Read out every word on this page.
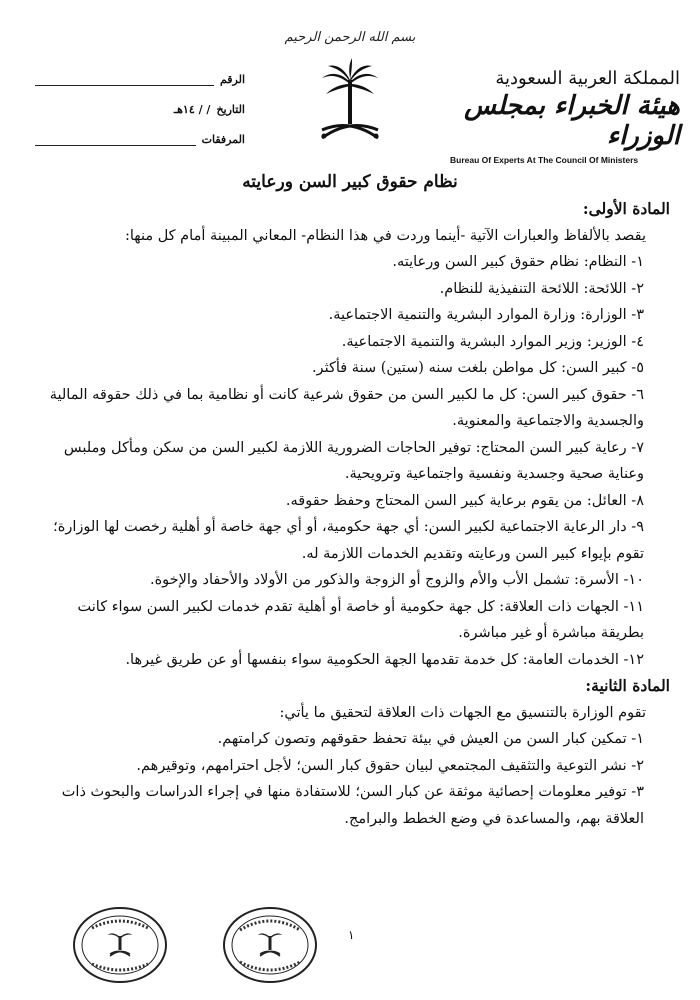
بسم الله الرحمن الرحيم
المملكة العربية السعودية
هيئة الخبراء بمجلس الوزراء
Bureau Of Experts At The Council Of Ministers
الرقم
التاريخ
/ / ١٤هـ
المرفقات
نظام حقوق كبير السن ورعايته
المادة الأولى:
يقصد بالألفاظ والعبارات الآتية -أينما وردت في هذا النظام- المعاني المبينة أمام كل منها:
١- النظام: نظام حقوق كبير السن ورعايته.
٢- اللائحة: اللائحة التنفيذية للنظام.
٣- الوزارة: وزارة الموارد البشرية والتنمية الاجتماعية.
٤- الوزير: وزير الموارد البشرية والتنمية الاجتماعية.
٥- كبير السن: كل مواطن بلغت سنه (ستين) سنة فأكثر.
٦- حقوق كبير السن: كل ما لكبير السن من حقوق شرعية كانت أو نظامية بما في ذلك حقوقه المالية والجسدية والاجتماعية والمعنوية.
٧- رعاية كبير السن المحتاج: توفير الحاجات الضرورية اللازمة لكبير السن من سكن ومأكل وملبس وعناية صحية وجسدية ونفسية واجتماعية وترويحية.
٨- العائل: من يقوم برعاية كبير السن المحتاج وحفظ حقوقه.
٩- دار الرعاية الاجتماعية لكبير السن: أي جهة حكومية، أو أي جهة خاصة أو أهلية رخصت لها الوزارة؛ تقوم بإيواء كبير السن ورعايته وتقديم الخدمات اللازمة له.
١٠- الأسرة: تشمل الأب والأم والزوج أو الزوجة والذكور من الأولاد والأحفاد والإخوة.
١١- الجهات ذات العلاقة: كل جهة حكومية أو خاصة أو أهلية تقدم خدمات لكبير السن سواء كانت بطريقة مباشرة أو غير مباشرة.
١٢- الخدمات العامة: كل خدمة تقدمها الجهة الحكومية سواء بنفسها أو عن طريق غيرها.
المادة الثانية:
تقوم الوزارة بالتنسيق مع الجهات ذات العلاقة لتحقيق ما يأتي:
١- تمكين كبار السن من العيش في بيئة تحفظ حقوقهم وتصون كرامتهم.
٢- نشر التوعية والتثقيف المجتمعي لبيان حقوق كبار السن؛ لأجل احترامهم، وتوقيرهم.
٣- توفير معلومات إحصائية موثقة عن كبار السن؛ للاستفادة منها في إجراء الدراسات والبحوث ذات العلاقة بهم، والمساعدة في وضع الخطط والبرامج.
١
